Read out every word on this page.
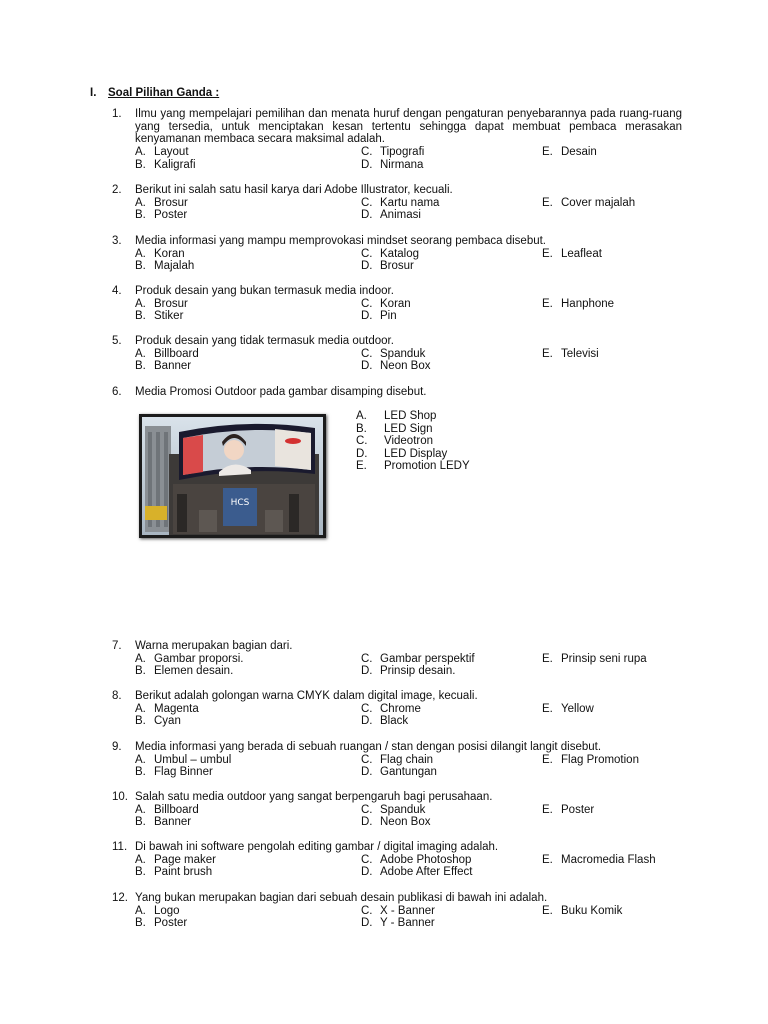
I. Soal Pilihan Ganda :
1.	Ilmu yang mempelajari pemilihan dan menata huruf dengan pengaturan penyebarannya pada ruang-ruang yang tersedia, untuk menciptakan kesan tertentu sehingga dapat membuat pembaca merasakan kenyamanan membaca secara maksimal adalah.
A. Layout
B. Kaligrafi
C. Tipografi
D. Nirmana
E. Desain
2.	Berikut ini salah satu hasil karya dari Adobe Illustrator, kecuali.
A. Brosur
B. Poster
C. Kartu nama
D. Animasi
E. Cover majalah
3.	Media informasi yang mampu memprovokasi mindset seorang pembaca disebut.
A. Koran
B. Majalah
C. Katalog
D. Brosur
E. Leafleat
4.	Produk desain yang bukan termasuk media indoor.
A. Brosur
B. Stiker
C. Koran
D. Pin
E. Hanphone
5.	Produk desain yang tidak termasuk media outdoor.
A. Billboard
B. Banner
C. Spanduk
D. Neon Box
E. Televisi
6.	Media Promosi Outdoor pada gambar disamping disebut.
HCS
A. LED Shop
B. LED Sign
C. Videotron
D. LED Display
E. Promotion LEDY
7.	Warna merupakan bagian dari.
A. Gambar proporsi.
B. Elemen desain.
C. Gambar perspektif
D. Prinsip desain.
E. Prinsip seni rupa
8.	Berikut adalah golongan warna CMYK dalam digital image, kecuali.
A. Magenta
B. Cyan
C. Chrome
D. Black
E. Yellow
9.	Media informasi yang berada di sebuah ruangan / stan dengan posisi dilangit langit disebut.
A. Umbul – umbul
B. Flag Binner
C. Flag chain
D. Gantungan
E. Flag Promotion
10. Salah satu media outdoor yang sangat berpengaruh bagi perusahaan.
A. Billboard
B. Banner
C. Spanduk
D. Neon Box
E. Poster
11. Di bawah ini software pengolah editing gambar / digital imaging adalah.
A. Page maker
B. Paint brush
C. Adobe Photoshop
D. Adobe After Effect
E. Macromedia Flash
12. Yang bukan merupakan bagian dari sebuah desain publikasi di bawah ini adalah.
A. Logo
B. Poster
C. X - Banner
D. Y - Banner
E. Buku Komik
